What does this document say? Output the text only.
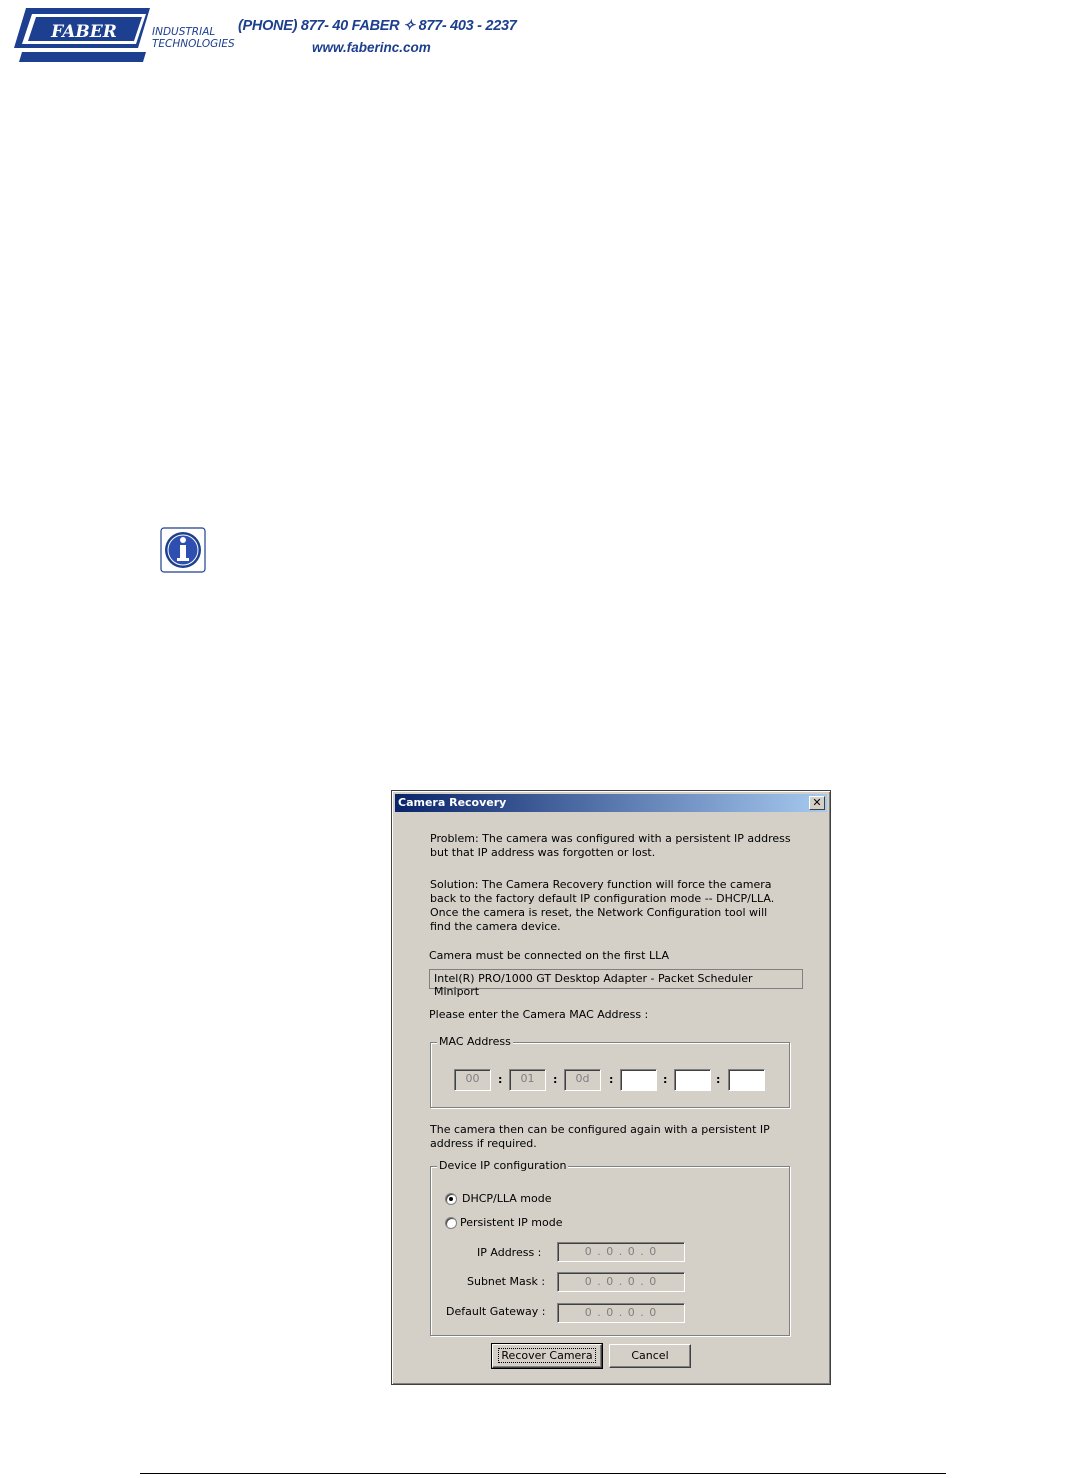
FABER	INDUSTRIAL
TECHNOLOGIES
(PHONE) 877- 40 FABER ✧ 877- 403 - 2237
www.faberinc.com
Camera Recovery	✕
Problem: The camera was configured with a persistent IP address
but that IP address was forgotten or lost.
Solution: The Camera Recovery function will force the camera
back to the factory default IP configuration mode -- DHCP/LLA.
Once the camera is reset, the Network Configuration tool will
find the camera device.
Camera must be connected on the first LLA
Intel(R) PRO/1000 GT Desktop Adapter - Packet Scheduler Miniport
Please enter the Camera MAC Address :
MAC Address
00	:	01	:	0d	:	:	:
The camera then can be configured again with a persistent IP
address if required.
Device IP configuration
DHCP/LLA mode
Persistent IP mode
IP Address :	0 . 0 . 0 . 0
Subnet Mask :	0 . 0 . 0 . 0
Default Gateway :	0 . 0 . 0 . 0
Recover Camera	Cancel
